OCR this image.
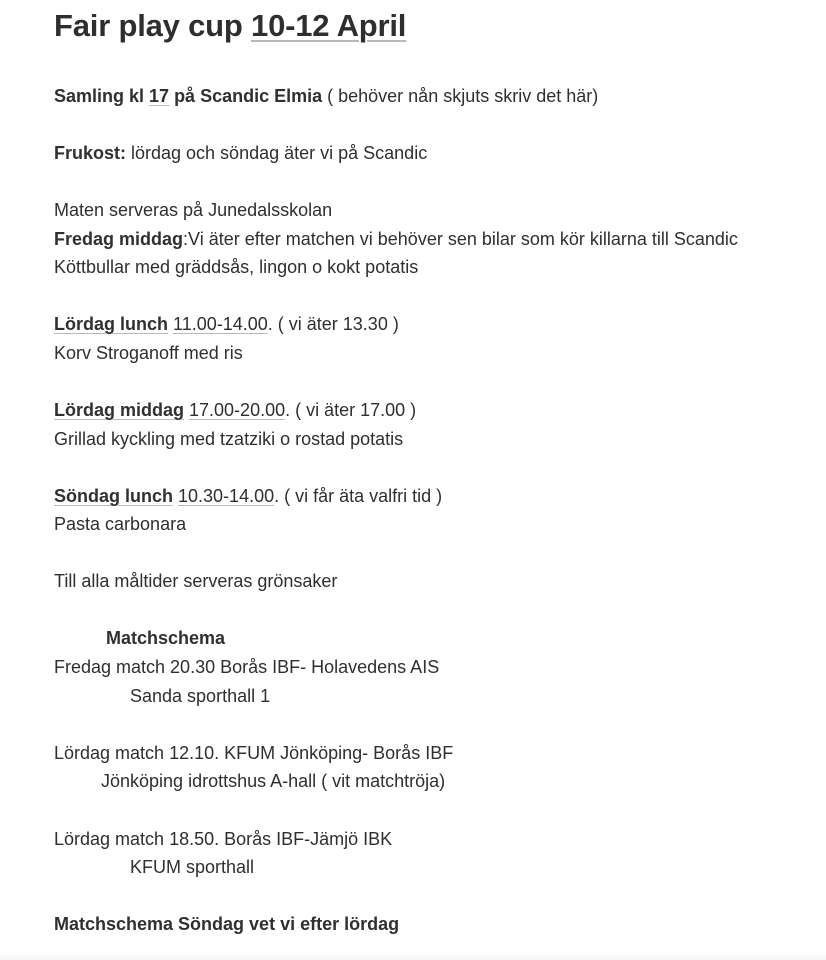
Fair play cup 10-12 April
Samling kl 17 på Scandic Elmia ( behöver nån skjuts skriv det här)
Frukost: lördag och söndag äter vi på Scandic
Maten serveras på Junedalsskolan
Fredag middag:Vi äter efter matchen vi behöver sen bilar som kör killarna till Scandic
Köttbullar med gräddsås, lingon o kokt potatis
Lördag lunch 11.00-14.00. ( vi äter 13.30 )
Korv Stroganoff med ris
Lördag middag 17.00-20.00. ( vi äter 17.00 )
Grillad kyckling med tzatziki o rostad potatis
Söndag lunch 10.30-14.00. ( vi får äta valfri tid )
Pasta carbonara
Till alla måltider serveras grönsaker
Matchschema
Fredag match 20.30 Borås IBF- Holavedens AIS
Sanda sporthall 1
Lördag match 12.10. KFUM Jönköping- Borås IBF
Jönköping idrottshus A-hall ( vit matchtröja)
Lördag match 18.50. Borås IBF-Jämjö IBK
KFUM sporthall
Matchschema Söndag vet vi efter lördag
